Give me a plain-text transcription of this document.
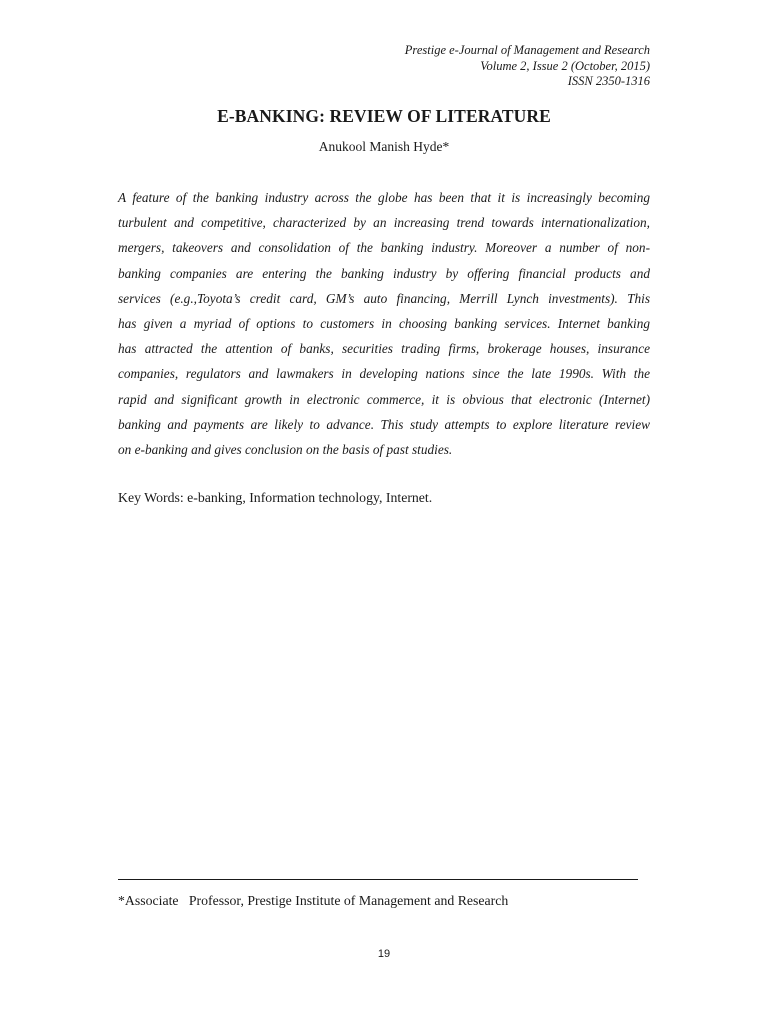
Prestige e-Journal of Management and Research
Volume 2, Issue 2 (October, 2015)
ISSN 2350-1316
E-BANKING: REVIEW OF LITERATURE
Anukool Manish Hyde*

A feature of the banking industry across the globe has been that it is increasingly becoming
turbulent and competitive, characterized by an increasing trend towards internationalization,
mergers, takeovers and consolidation of the banking industry. Moreover a number of non-
banking companies are entering the banking industry by offering financial products and
services (e.g.,Toyota’s credit card, GM’s auto financing, Merrill Lynch investments). This
has given a myriad of options to customers in choosing banking services. Internet banking
has attracted the attention of banks, securities trading firms, brokerage houses, insurance
companies, regulators and lawmakers in developing nations since the late 1990s. With the
rapid and significant growth in electronic commerce, it is obvious that electronic (Internet)
banking and payments are likely to advance. This study attempts to explore literature review
on e-banking and gives conclusion on the basis of past studies.

Key Words: e-banking, Information technology, Internet.
*Associate   Professor, Prestige Institute of Management and Research
19
